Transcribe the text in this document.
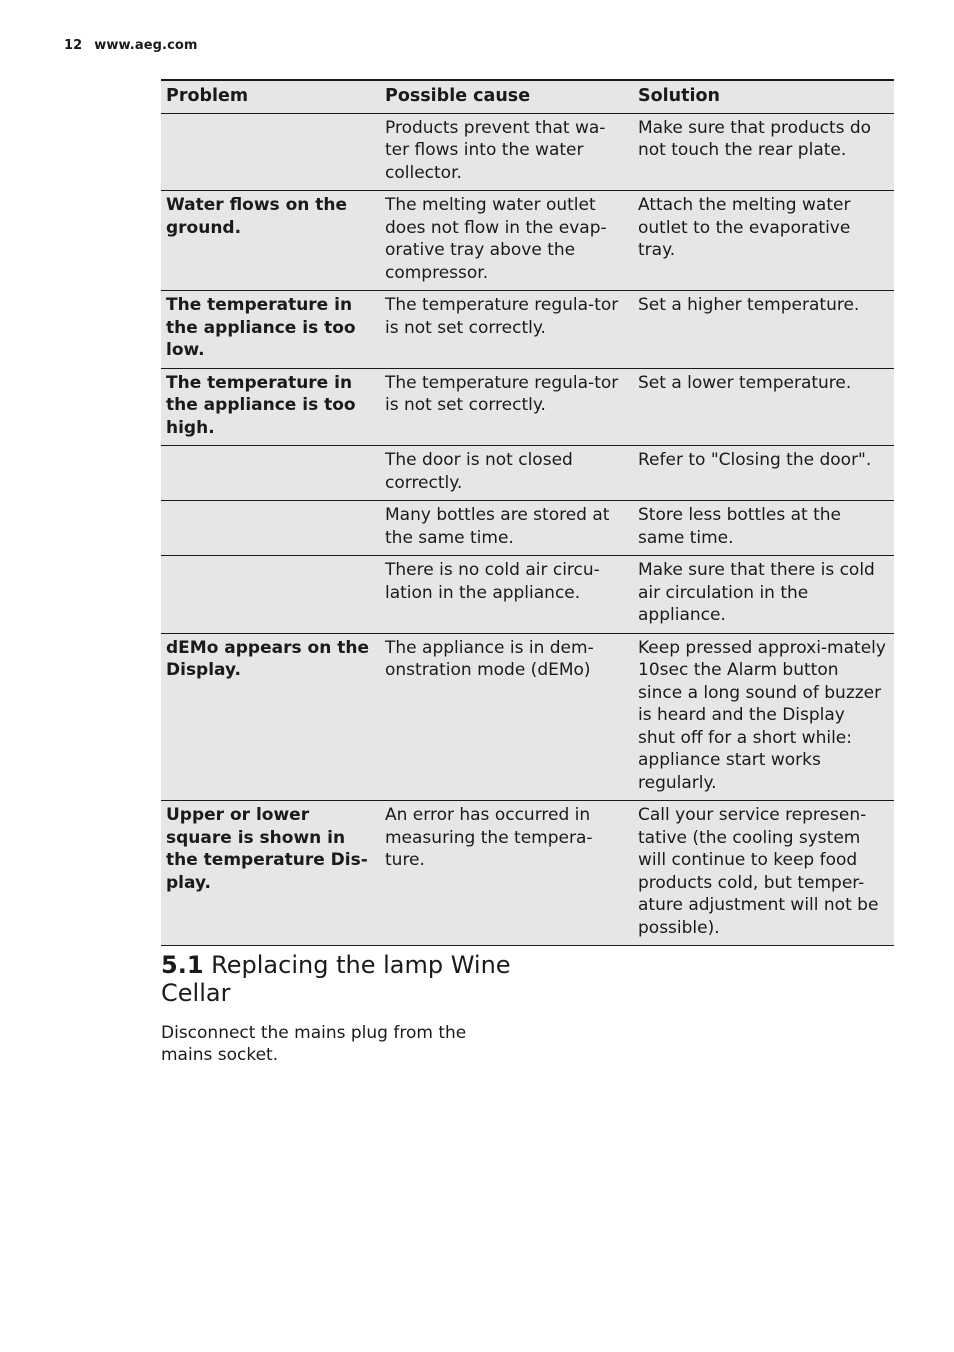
12 www.aeg.com
Problem	Possible cause	Solution
	Products prevent that wa-ter flows into the water collector.	Make sure that products do not touch the rear plate.
Water flows on the ground.	The melting water outlet does not flow in the evap-orative tray above the compressor.	Attach the melting water outlet to the evaporative tray.
The temperature in the appliance is too low.	The temperature regula-tor is not set correctly.	Set a higher temperature.
The temperature in the appliance is too high.	The temperature regula-tor is not set correctly.	Set a lower temperature.
	The door is not closed correctly.	Refer to "Closing the door".
	Many bottles are stored at the same time.	Store less bottles at the same time.
	There is no cold air circu-lation in the appliance.	Make sure that there is cold air circulation in the appliance.
dEMo appears on the Display.	The appliance is in dem-onstration mode (dEMo)	Keep pressed approxi-mately 10sec the Alarm button since a long sound of buzzer is heard and the Display shut off for a short while: appliance start works regularly.
Upper or lower square is shown in the temperature Dis-play.	An error has occurred in measuring the tempera-ture.	Call your service represen-tative (the cooling system will continue to keep food products cold, but temper-ature adjustment will not be possible).
5.1 Replacing the lamp Wine Cellar
Disconnect the mains plug from the mains socket.
